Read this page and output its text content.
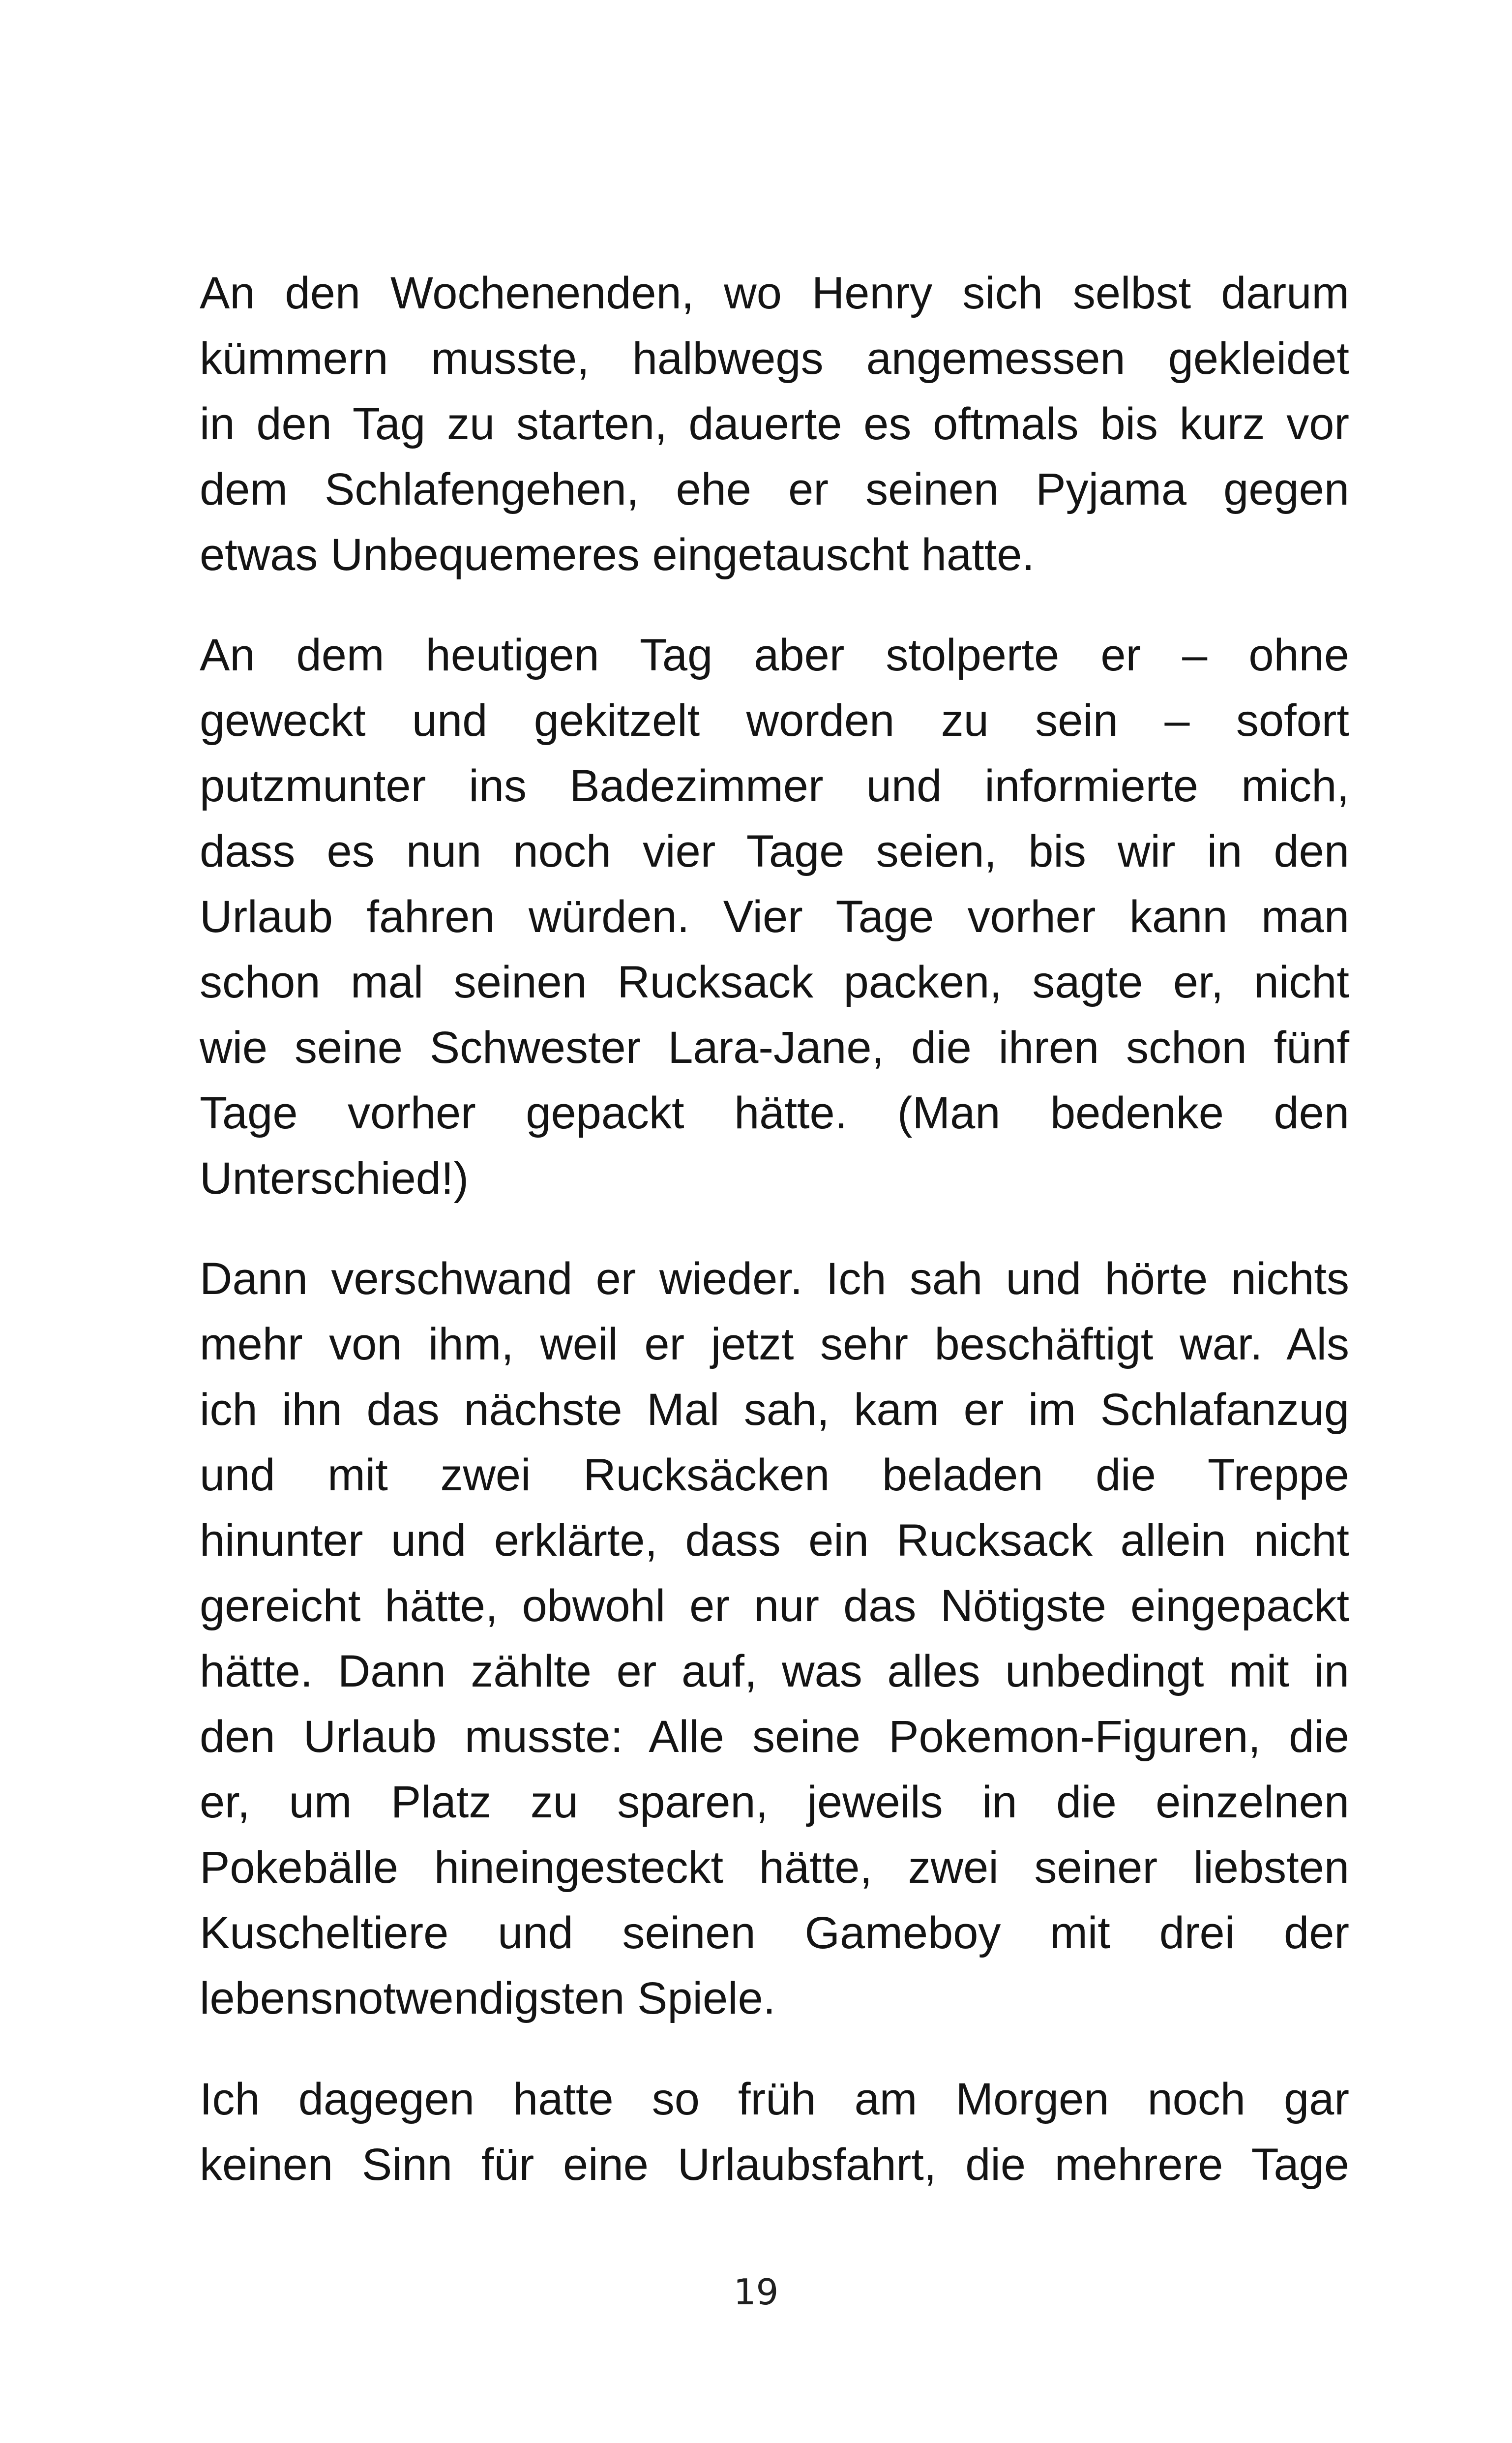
An den Wochenenden, wo Henry sich selbst darum
kümmern musste, halbwegs angemessen gekleidet
in den Tag zu starten, dauerte es oftmals bis kurz vor
dem Schlafengehen, ehe er seinen Pyjama gegen
etwas Unbequemeres eingetauscht hatte.
An dem heutigen Tag aber stolperte er – ohne
geweckt und gekitzelt worden zu sein – sofort
putzmunter ins Badezimmer und informierte mich,
dass es nun noch vier Tage seien, bis wir in den
Urlaub fahren würden. Vier Tage vorher kann man
schon mal seinen Rucksack packen, sagte er, nicht
wie seine Schwester Lara-Jane, die ihren schon fünf
Tage vorher gepackt hätte. (Man bedenke den
Unterschied!)
Dann verschwand er wieder. Ich sah und hörte nichts
mehr von ihm, weil er jetzt sehr beschäftigt war. Als
ich ihn das nächste Mal sah, kam er im Schlafanzug
und mit zwei Rucksäcken beladen die Treppe
hinunter und erklärte, dass ein Rucksack allein nicht
gereicht hätte, obwohl er nur das Nötigste eingepackt
hätte. Dann zählte er auf, was alles unbedingt mit in
den Urlaub musste: Alle seine Pokemon-Figuren, die
er, um Platz zu sparen, jeweils in die einzelnen
Pokebälle hineingesteckt hätte, zwei seiner liebsten
Kuscheltiere und seinen Gameboy mit drei der
lebensnotwendigsten Spiele.
Ich dagegen hatte so früh am Morgen noch gar
keinen Sinn für eine Urlaubsfahrt, die mehrere Tage
19
